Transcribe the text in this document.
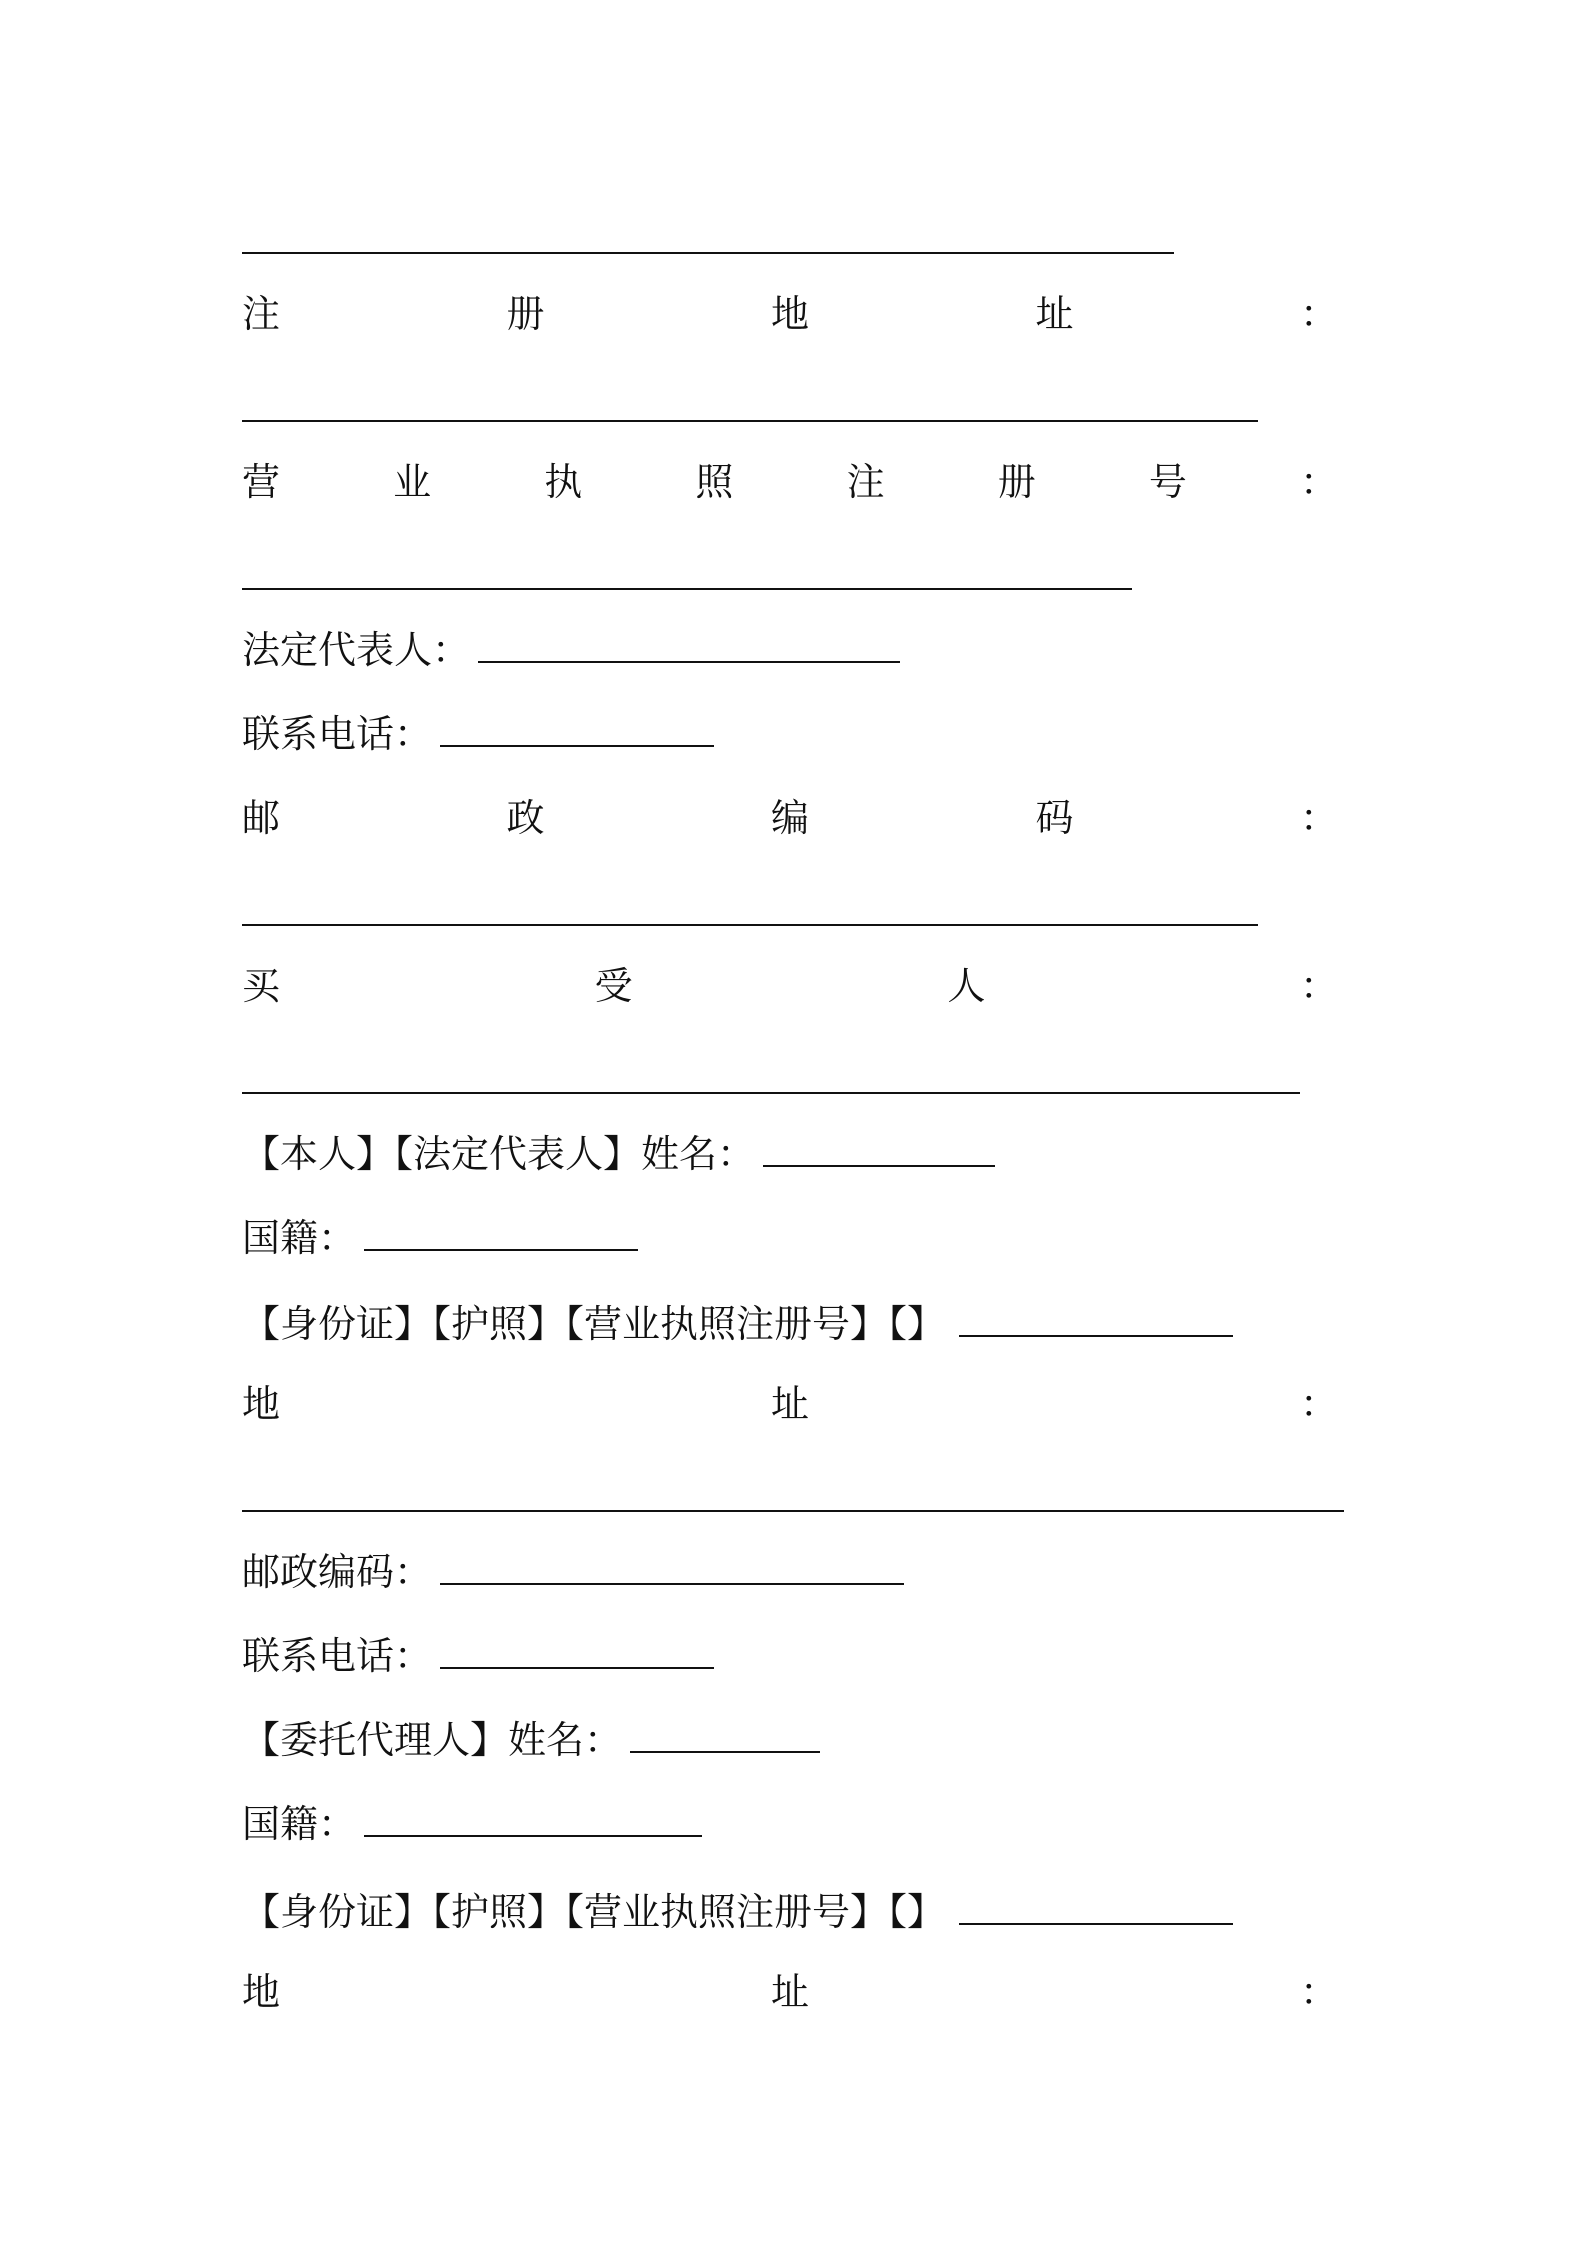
注	册	地	址	：
营	业	执	照	注	册	号	：
法定代表人：
联系电话：
邮	政	编	码	：
买	受	人	：
【本人】【法定代表人】姓名：
国籍：
【身份证】【护照】【营业执照注册号】【】
地	址	：
邮政编码：
联系电话：
【委托代理人】姓名：
国籍：
【身份证】【护照】【营业执照注册号】【】
地	址	：
